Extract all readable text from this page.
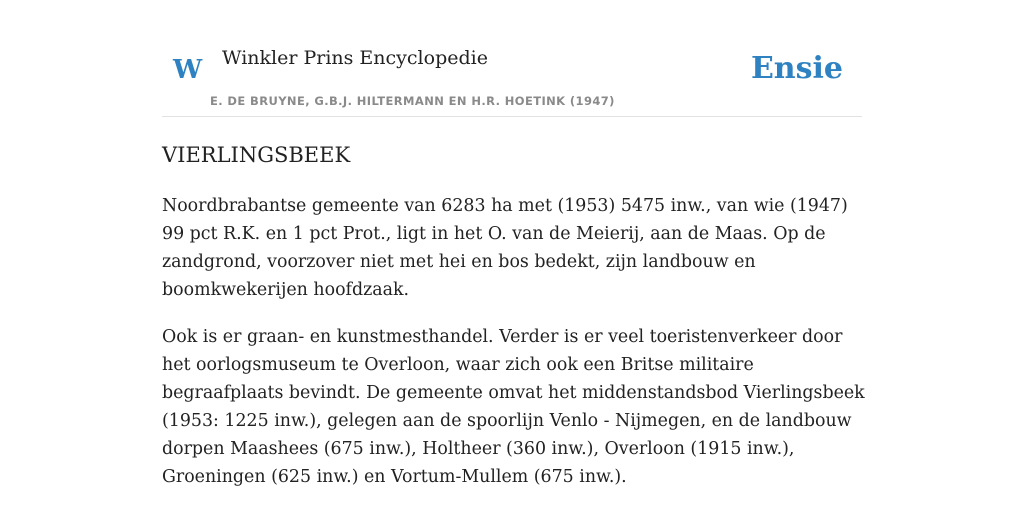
W Winkler Prins Encyclopedie
E. DE BRUYNE, G.B.J. HILTERMANN EN H.R. HOETINK (1947)
Ensie
VIERLINGSBEEK

Noordbrabantse gemeente van 6283 ha met (1953) 5475 inw., van wie (1947) 99 pct R.K. en 1 pct Prot., ligt in het O. van de Meierij, aan de Maas. Op de zandgrond, voorzover niet met hei en bos bedekt, zijn landbouw en boomkwekerijen hoofdzaak.

Ook is er graan- en kunstmesthandel. Verder is er veel toeristenverkeer door het oorlogsmuseum te Overloon, waar zich ook een Britse militaire begraafplaats bevindt. De gemeente omvat het middenstandsbod Vierlingsbeek (1953: 1225 inw.), gelegen aan de spoorlijn Venlo - Nijmegen, en de landbouw dorpen Maashees (675 inw.), Holtheer (360 inw.), Overloon (1915 inw.), Groeningen (625 inw.) en Vortum-Mullem (675 inw.).
